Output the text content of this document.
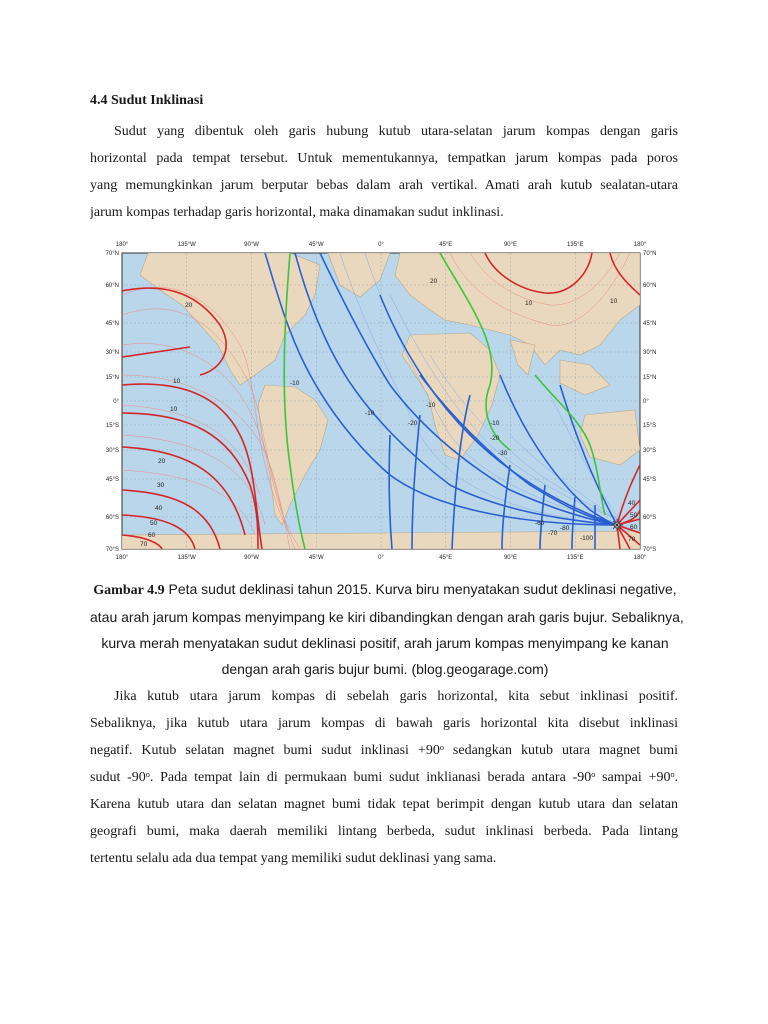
4.4 Sudut Inklinasi
Sudut yang dibentuk oleh garis hubung kutub utara-selatan jarum kompas dengan garis
horizontal pada tempat tersebut. Untuk mementukannya, tempatkan jarum kompas pada poros
yang memungkinkan jarum berputar bebas dalam arah vertikal. Amati arah kutub sealatan-utara
jarum kompas terhadap garis horizontal, maka dinamakan sudut inklinasi.
20
10
10
20
30
40
50
60
70
-10
-20	-10
-20
-30
-10
-60
10
-80
-70
-100
40
50
60
70
10
-10
20
180°	135°W	90°W	45°W	0°	45°E	90°E	135°E	180°
180°	135°W	90°W	45°W	0°	45°E	90°E	135°E	180°
70°N
60°N
45°N
30°N
15°N
0°
15°S
30°S
45°S
60°S
70°S
70°N
60°N
45°N
30°N
15°N
0°
15°S
30°S
45°S
60°S
70°S
Gambar 4.9 Peta sudut deklinasi tahun 2015. Kurva biru menyatakan sudut deklinasi negative,
atau arah jarum kompas menyimpang ke kiri dibandingkan dengan arah garis bujur. Sebaliknya,
kurva merah menyatakan sudut deklinasi positif, arah jarum kompas menyimpang ke kanan
dengan arah garis bujur bumi. (blog.geogarage.com)
Jika kutub utara jarum kompas di sebelah garis horizontal, kita sebut inklinasi positif.
Sebaliknya, jika kutub utara jarum kompas di bawah garis horizontal kita disebut inklinasi
negatif. Kutub selatan magnet bumi sudut inklinasi +90ᵒ sedangkan kutub utara magnet bumi
sudut -90ᵒ. Pada tempat lain di permukaan bumi sudut inklianasi berada antara -90ᵒ sampai +90ᵒ.
Karena kutub utara dan selatan magnet bumi tidak tepat berimpit dengan kutub utara dan selatan
geografi bumi, maka daerah memiliki lintang berbeda, sudut inklinasi berbeda. Pada lintang
tertentu selalu ada dua tempat yang memiliki sudut deklinasi yang sama.
